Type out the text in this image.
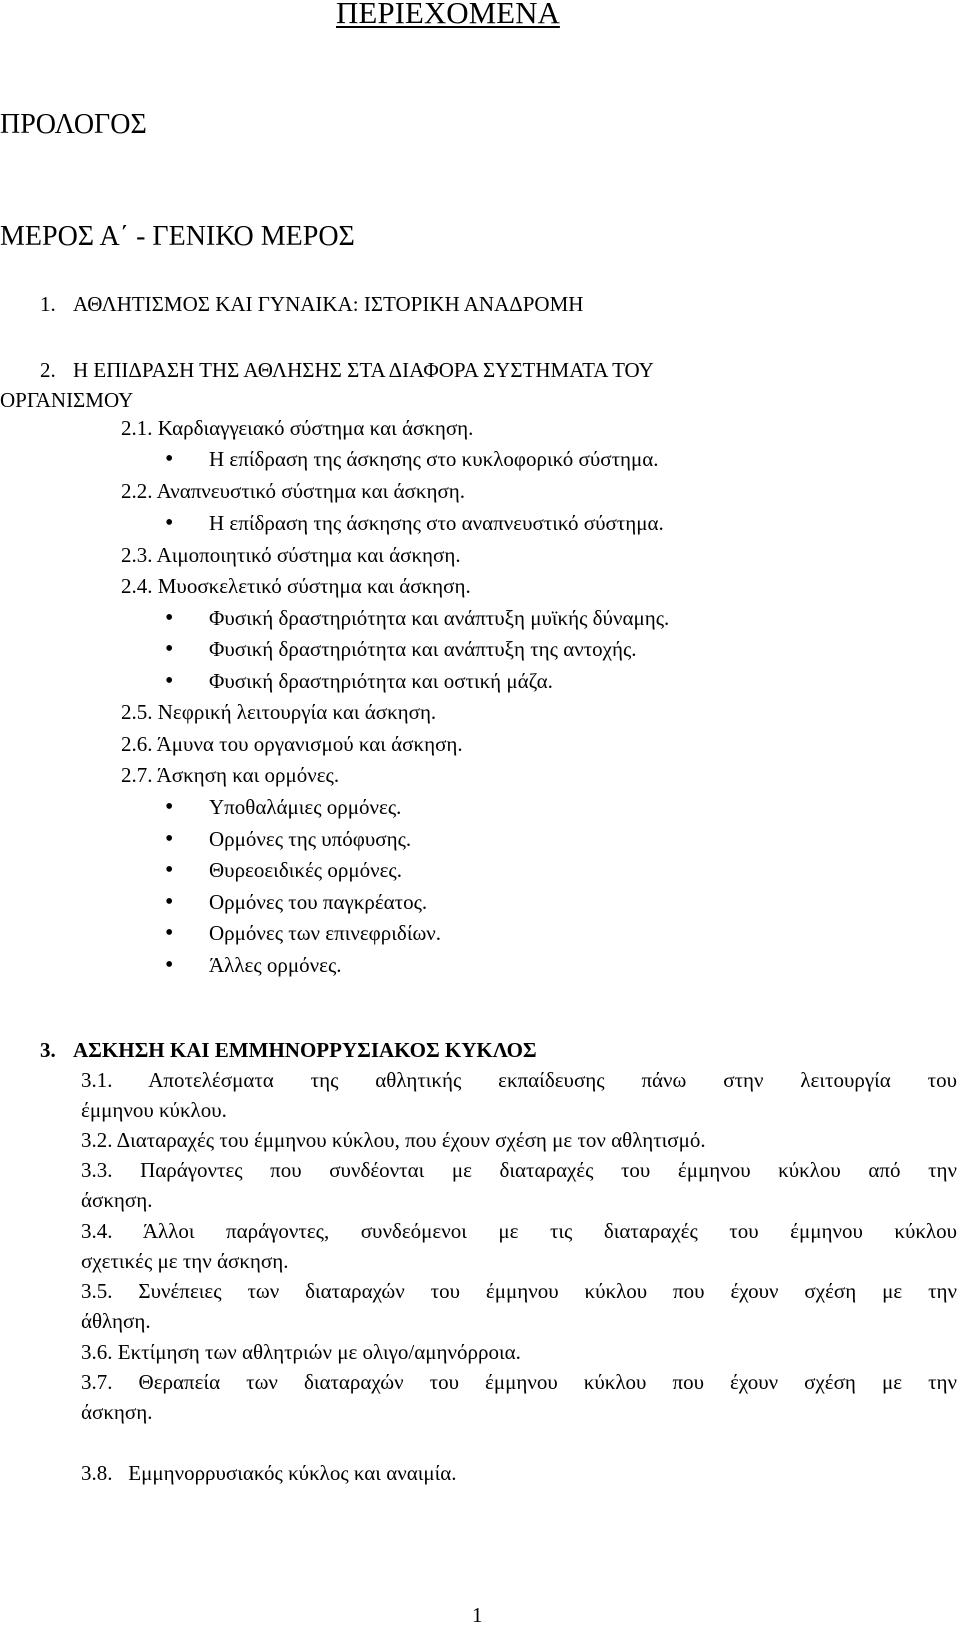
ΠΕΡΙΕΧΟΜΕΝΑ
ΠΡΟΛΟΓΟΣ
ΜΕΡΟΣ Α΄ - ΓΕΝΙΚΟ ΜΕΡΟΣ
1. ΑΘΛΗΤΙΣΜΟΣ ΚΑΙ ΓΥΝΑΙΚΑ: ΙΣΤΟΡΙΚΗ ΑΝΑΔΡΟΜΗ
2. Η ΕΠΙΔΡΑΣΗ ΤΗΣ ΑΘΛΗΣΗΣ ΣΤΑ ΔΙΑΦΟΡΑ ΣΥΣΤΗΜΑΤΑ ΤΟΥ
ΟΡΓΑΝΙΣΜΟΥ
2.1. Καρδιαγγειακό σύστημα και άσκηση.
• Η επίδραση της άσκησης στο κυκλοφορικό σύστημα.
2.2. Αναπνευστικό σύστημα και άσκηση.
• Η επίδραση της άσκησης στο αναπνευστικό σύστημα.
2.3. Αιμοποιητικό σύστημα και άσκηση.
2.4. Μυοσκελετικό σύστημα και άσκηση.
• Φυσική δραστηριότητα και ανάπτυξη μυϊκής δύναμης.
• Φυσική δραστηριότητα και ανάπτυξη της αντοχής.
• Φυσική δραστηριότητα και οστική μάζα.
2.5. Νεφρική λειτουργία και άσκηση.
2.6. Άμυνα του οργανισμού και άσκηση.
2.7. Άσκηση και ορμόνες.
• Υποθαλάμιες ορμόνες.
• Ορμόνες της υπόφυσης.
• Θυρεοειδικές ορμόνες.
• Ορμόνες του παγκρέατος.
• Ορμόνες των επινεφριδίων.
• Άλλες ορμόνες.
3. ΑΣΚΗΣΗ ΚΑΙ ΕΜΜΗΝΟΡΡΥΣΙΑΚΟΣ ΚΥΚΛΟΣ
3.1. Αποτελέσματα της αθλητικής εκπαίδευσης πάνω στην λειτουργία του
έμμηνου κύκλου.
3.2. Διαταραχές του έμμηνου κύκλου, που έχουν σχέση με τον αθλητισμό.
3.3. Παράγοντες που συνδέονται με διαταραχές του έμμηνου κύκλου από την
άσκηση.
3.4. Άλλοι παράγοντες, συνδεόμενοι με τις διαταραχές του έμμηνου κύκλου
σχετικές με την άσκηση.
3.5. Συνέπειες των διαταραχών του έμμηνου κύκλου που έχουν σχέση με την
άθληση.
3.6. Εκτίμηση των αθλητριών με ολιγο/αμηνόρροια.
3.7. Θεραπεία των διαταραχών του έμμηνου κύκλου που έχουν σχέση με την
άσκηση.
3.8.   Εμμηνορρυσιακός κύκλος και αναιμία.
1
